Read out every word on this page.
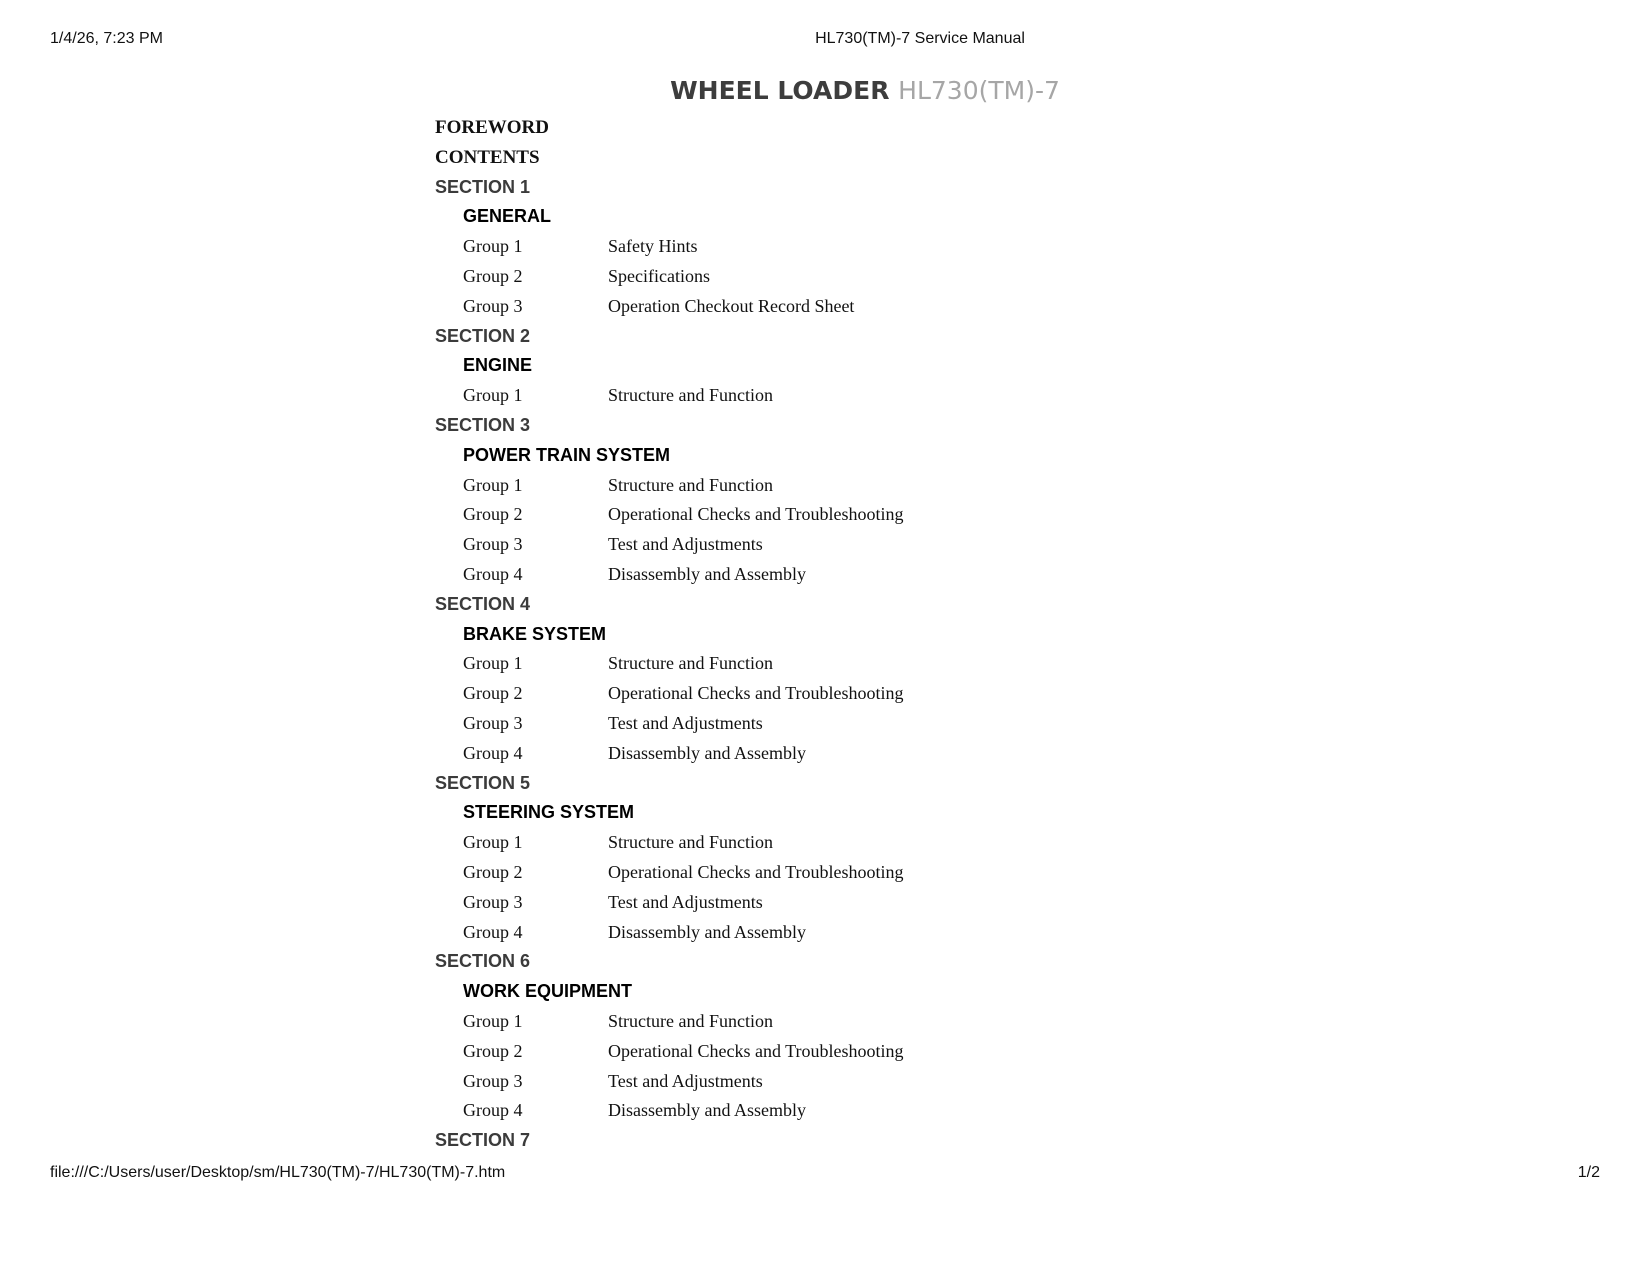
1/4/26, 7:23 PM	HL730(TM)-7 Service Manual
WHEEL LOADER HL730(TM)-7
FOREWORD
CONTENTS
SECTION 1
GENERAL
Group 1	Safety Hints
Group 2	Specifications
Group 3	Operation Checkout Record Sheet
SECTION 2
ENGINE
Group 1	Structure and Function
SECTION 3
POWER TRAIN SYSTEM
Group 1	Structure and Function
Group 2	Operational Checks and Troubleshooting
Group 3	Test and Adjustments
Group 4	Disassembly and Assembly
SECTION 4
BRAKE SYSTEM
Group 1	Structure and Function
Group 2	Operational Checks and Troubleshooting
Group 3	Test and Adjustments
Group 4	Disassembly and Assembly
SECTION 5
STEERING SYSTEM
Group 1	Structure and Function
Group 2	Operational Checks and Troubleshooting
Group 3	Test and Adjustments
Group 4	Disassembly and Assembly
SECTION 6
WORK EQUIPMENT
Group 1	Structure and Function
Group 2	Operational Checks and Troubleshooting
Group 3	Test and Adjustments
Group 4	Disassembly and Assembly
SECTION 7
file:///C:/Users/user/Desktop/sm/HL730(TM)-7/HL730(TM)-7.htm	1/2
